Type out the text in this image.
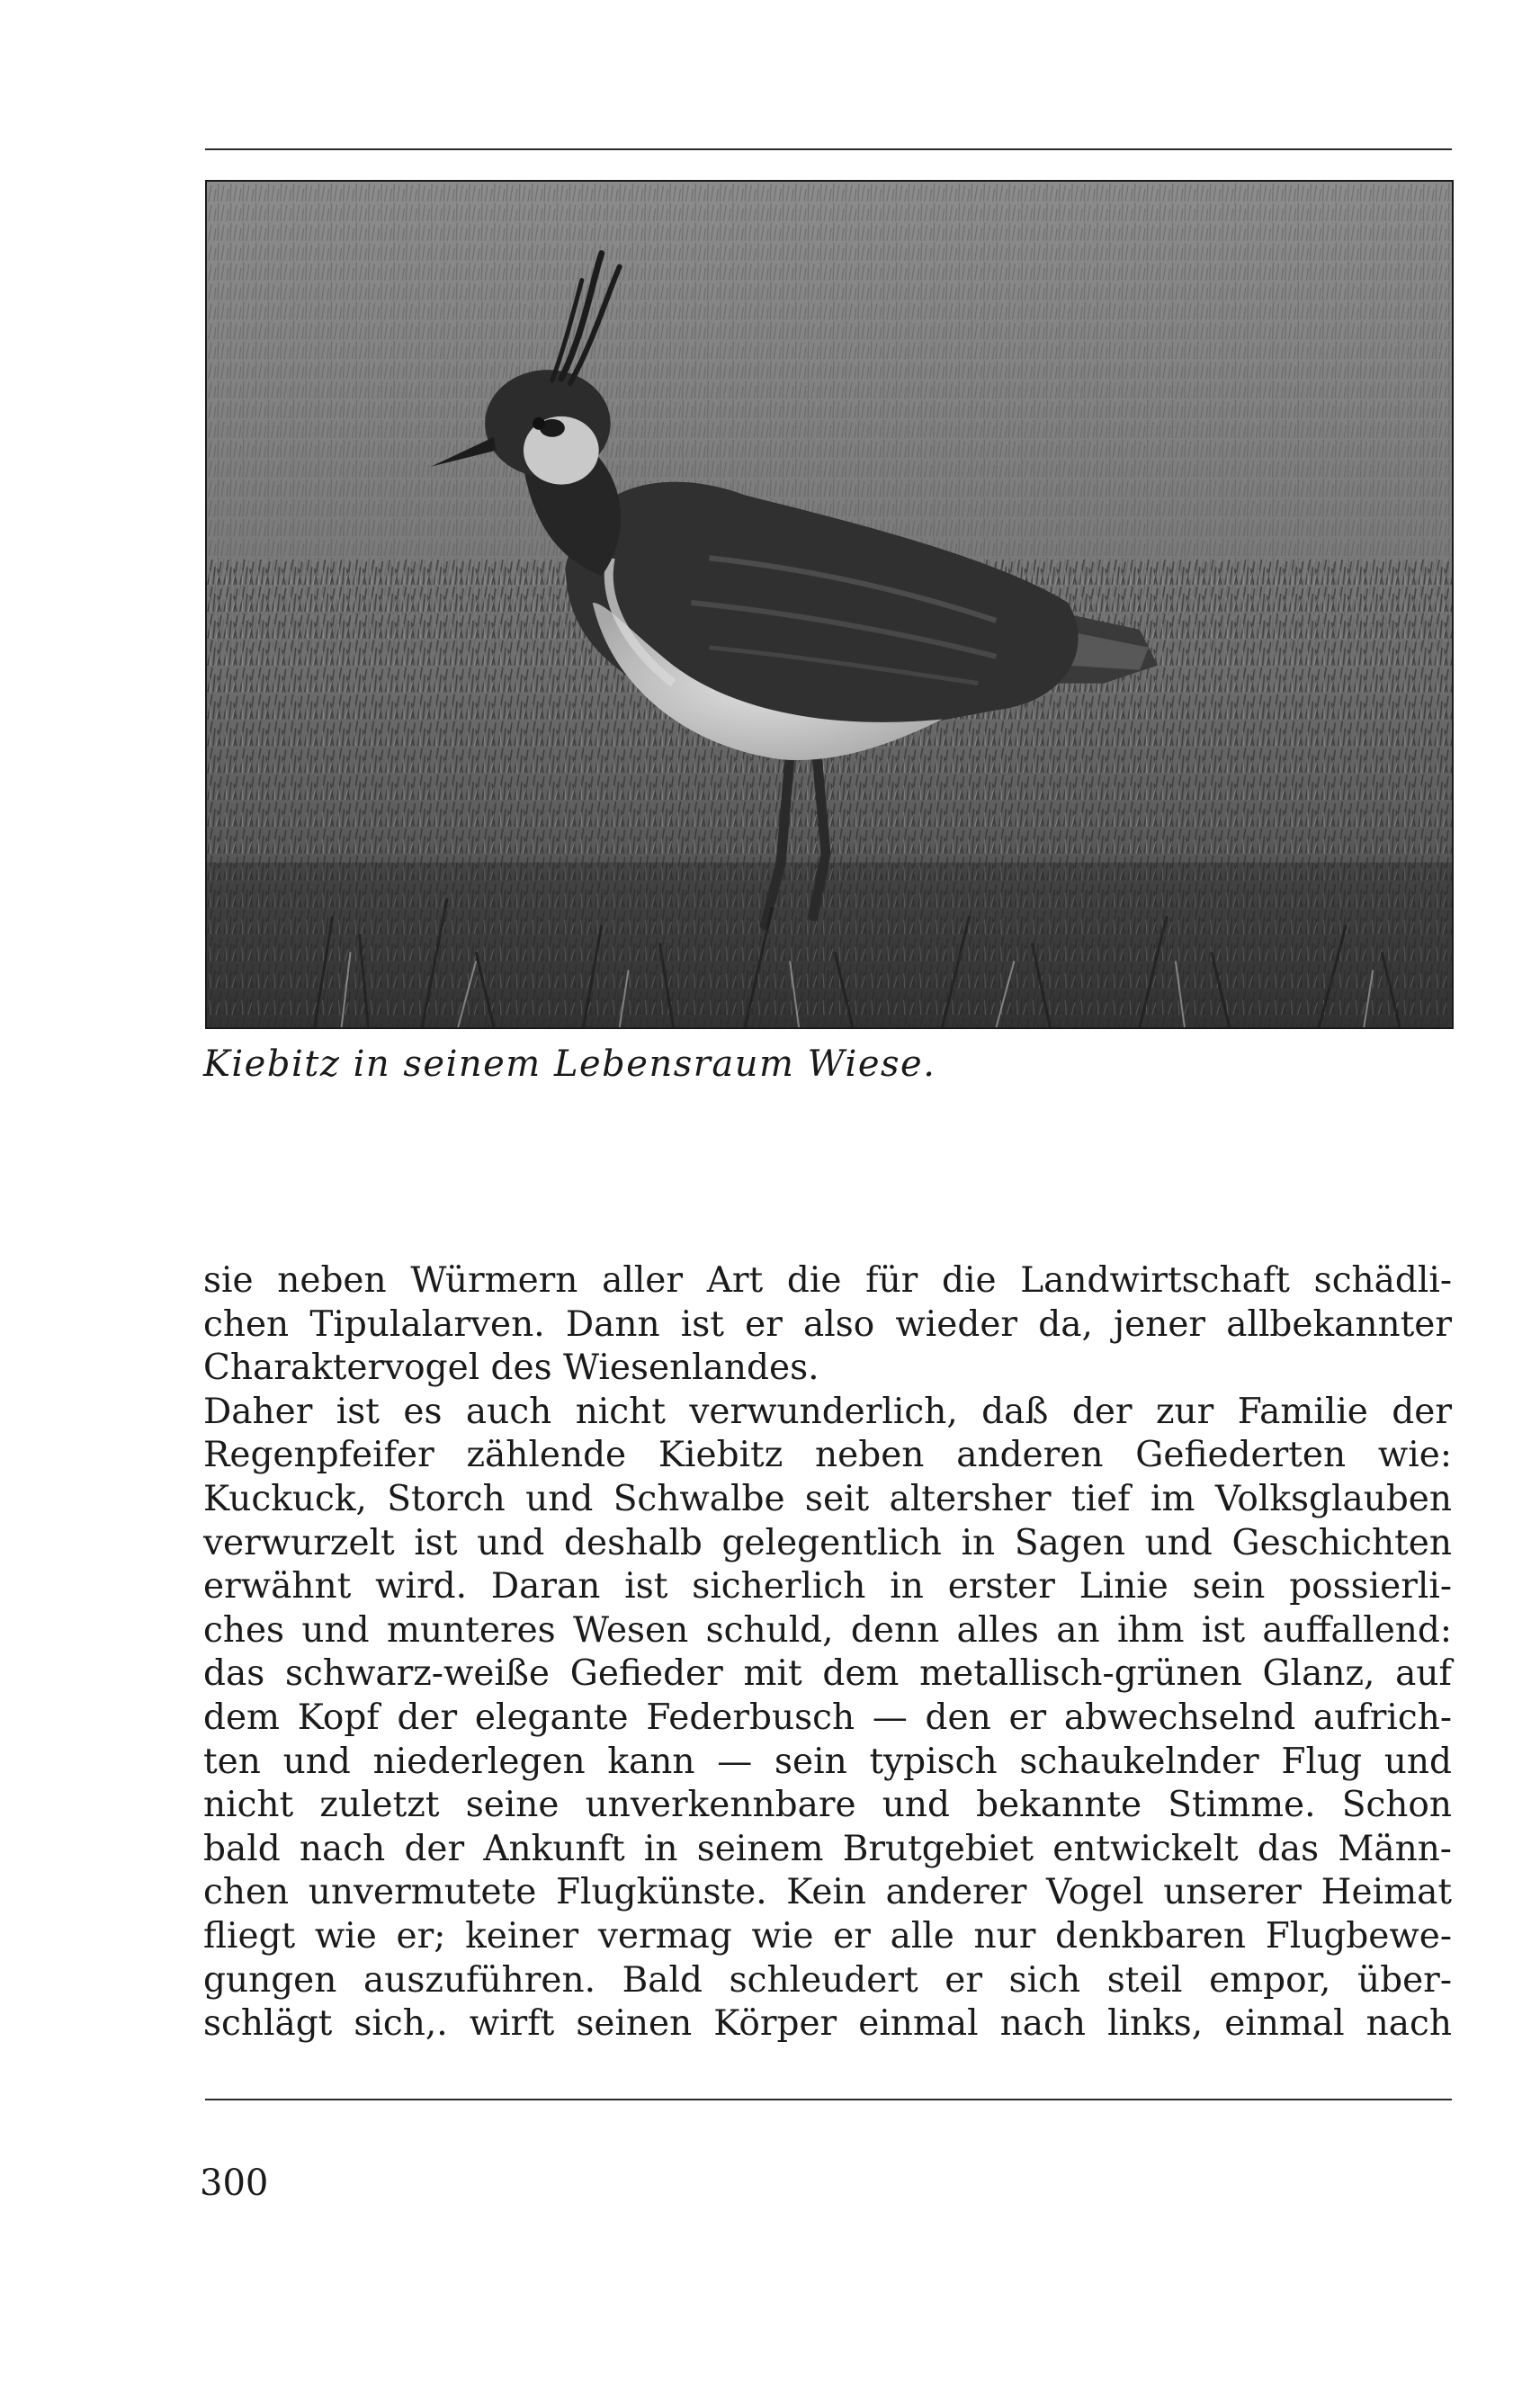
Kiebitz in seinem Lebensraum Wiese.
sie neben Würmern aller Art die für die Landwirtschaft schädli-
chen Tipulalarven. Dann ist er also wieder da, jener allbekannter
Charaktervogel des Wiesenlandes.
Daher ist es auch nicht verwunderlich, daß der zur Familie der
Regenpfeifer zählende Kiebitz neben anderen Gefiederten wie:
Kuckuck, Storch und Schwalbe seit altersher tief im Volksglauben
verwurzelt ist und deshalb gelegentlich in Sagen und Geschichten
erwähnt wird. Daran ist sicherlich in erster Linie sein possierli-
ches und munteres Wesen schuld, denn alles an ihm ist auffallend:
das schwarz-weiße Gefieder mit dem metallisch-grünen Glanz, auf
dem Kopf der elegante Federbusch — den er abwechselnd aufrich-
ten und niederlegen kann — sein typisch schaukelnder Flug und
nicht zuletzt seine unverkennbare und bekannte Stimme. Schon
bald nach der Ankunft in seinem Brutgebiet entwickelt das Männ-
chen unvermutete Flugkünste. Kein anderer Vogel unserer Heimat
fliegt wie er; keiner vermag wie er alle nur denkbaren Flugbewe-
gungen auszuführen. Bald schleudert er sich steil empor, über-
schlägt sich,. wirft seinen Körper einmal nach links, einmal nach
300
